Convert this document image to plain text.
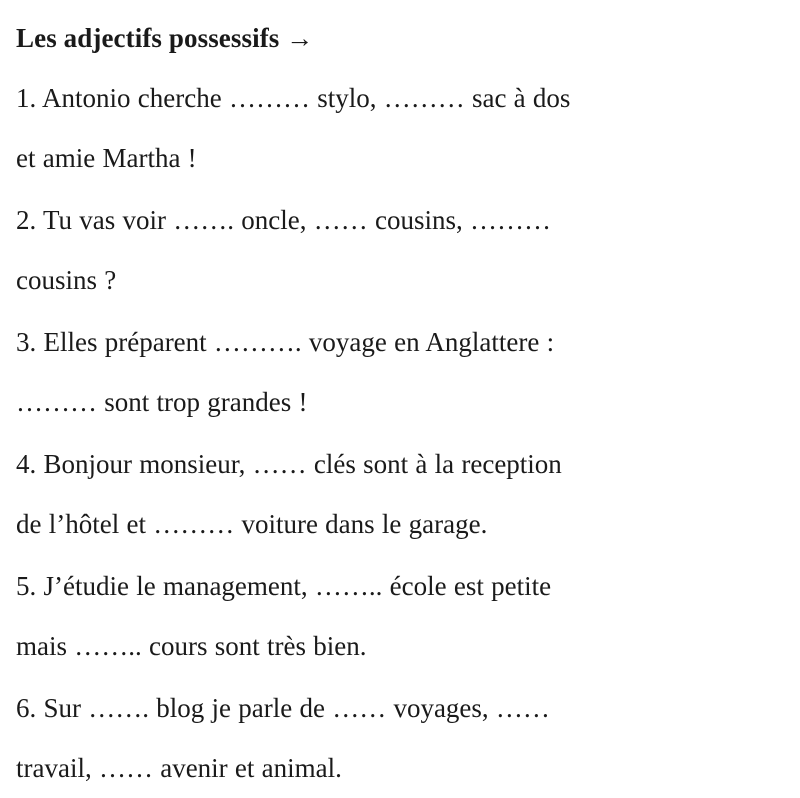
Les adjectifs possessifs →

1. Antonio cherche ……… stylo, ……… sac à dos
et amie Martha !

2. Tu vas voir ……. oncle, …… cousins, ………
cousins ?

3. Elles préparent ………. voyage en Anglattere :
……… sont trop grandes !

4. Bonjour monsieur, …… clés sont à la reception
de l’hôtel et ……… voiture dans le garage.

5. J’étudie le management, …….. école est petite
mais …….. cours sont très bien.

6. Sur ……. blog je parle de …… voyages, ……
travail, …… avenir et animal.
